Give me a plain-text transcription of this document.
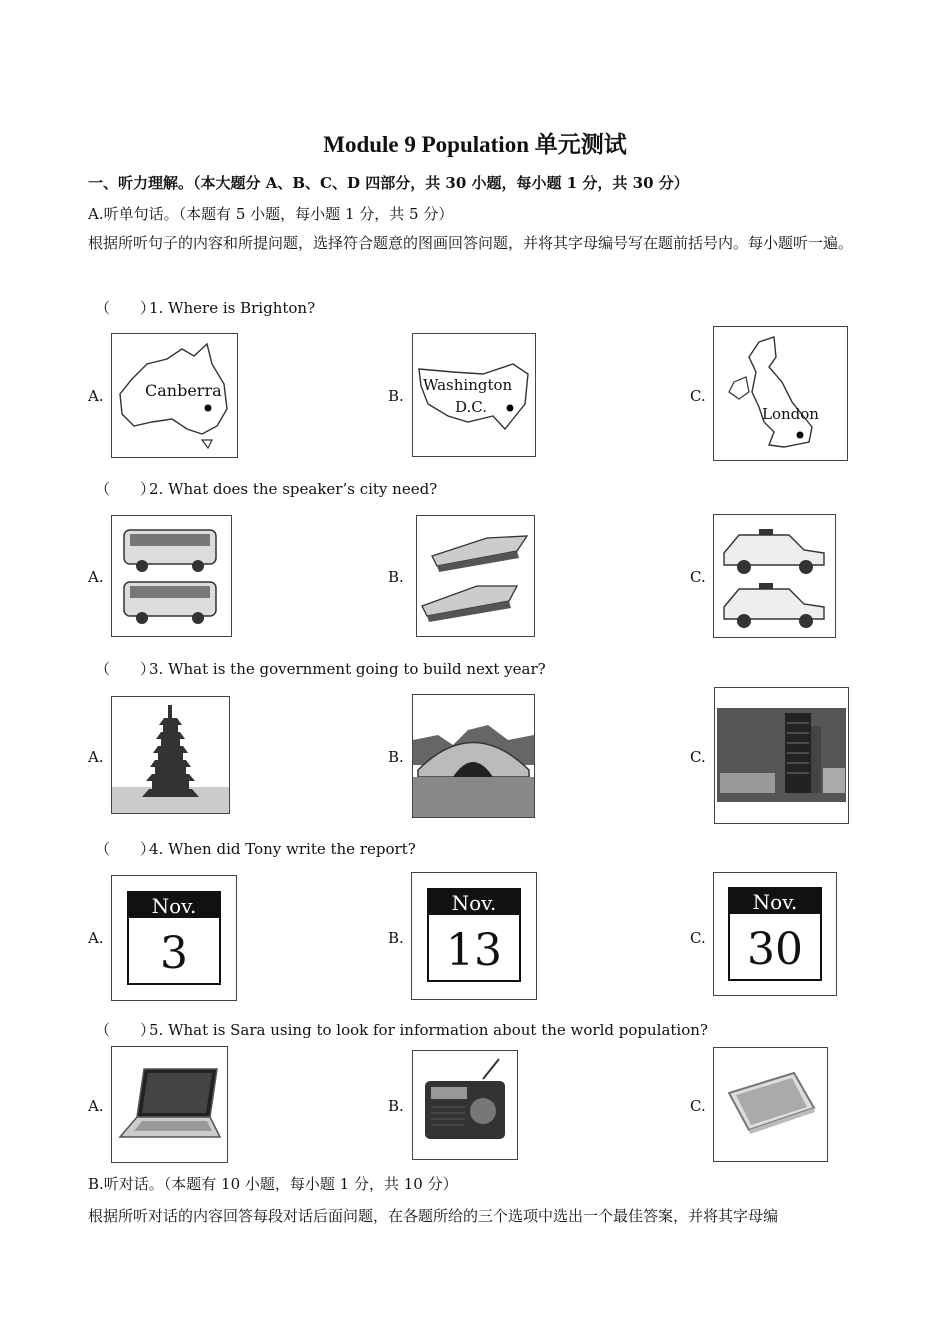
Module 9 Population 单元测试
一、听力理解。（本大题分 A、B、C、D 四部分，共 30 小题，每小题 1 分，共 30 分）
A.听单句话。（本题有 5 小题，每小题 1 分，共 5 分）
根据所听句子的内容和所提问题，选择符合题意的图画回答问题，并将其字母编号写在题前括号内。每小题听一遍。
（　　）1. Where is Brighton?
A.	B.	C.
Canberra	Washington
D.C.	London
（　　）2. What does the speaker’s city need?
A.	B.	C.
（　　）3. What is the government going to build next year?
A.	B.	C.
（　　）4. When did Tony write the report?
A.	B.	C.
Nov.
3
Nov.
13
Nov.
30
（　　）5. What is Sara using to look for information about the world population?
A.	B.	C.
B.听对话。（本题有 10 小题，每小题 1 分，共 10 分）
根据所听对话的内容回答每段对话后面问题，在各题所给的三个选项中选出一个最佳答案，并将其字母编
